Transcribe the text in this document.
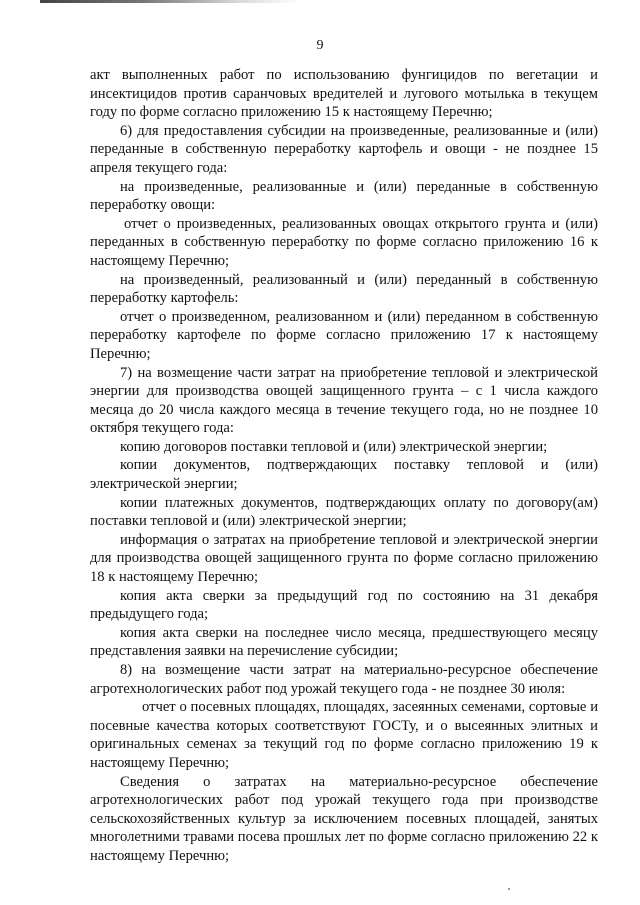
9

акт выполненных работ по использованию фунгицидов по вегетации и инсектицидов против саранчовых вредителей и лугового мотылька в текущем году по форме согласно приложению 15 к настоящему Перечню;

6) для предоставления субсидии на произведенные, реализованные и (или) переданные в собственную переработку картофель и овощи - не позднее 15 апреля текущего года:

на произведенные, реализованные и (или) переданные в собственную переработку овощи:

отчет о произведенных, реализованных овощах открытого грунта и (или) переданных в собственную переработку по форме согласно приложению 16 к настоящему Перечню;

на произведенный, реализованный и (или) переданный в собственную переработку картофель:

отчет о произведенном, реализованном и (или) переданном в собственную переработку картофеле по форме согласно приложению 17 к настоящему Перечню;

7) на возмещение части затрат на приобретение тепловой и электрической энергии для производства овощей защищенного грунта – с 1 числа каждого месяца до 20 числа каждого месяца в течение текущего года, но не позднее 10 октября текущего года:

копию договоров поставки тепловой и (или) электрической энергии;

копии документов, подтверждающих поставку тепловой и (или) электрической энергии;

копии платежных документов, подтверждающих оплату по договору(ам) поставки тепловой и (или) электрической энергии;

информация о затратах на приобретение тепловой и электрической энергии для производства овощей защищенного грунта по форме согласно приложению 18 к настоящему Перечню;

копия акта сверки за предыдущий год по состоянию на 31 декабря предыдущего года;

копия акта сверки на последнее число месяца, предшествующего месяцу представления заявки на перечисление субсидии;

8) на возмещение части затрат на материально-ресурсное обеспечение агротехнологических работ под урожай текущего года - не позднее 30 июля:

отчет о посевных площадях, площадях, засеянных семенами, сортовые и посевные качества которых соответствуют ГОСТу, и о высеянных элитных и оригинальных семенах за текущий год по форме согласно приложению 19 к настоящему Перечню;

Сведения о затратах на материально-ресурсное обеспечение агротехнологических работ под урожай текущего года при производстве сельскохозяйственных культур за исключением посевных площадей, занятых многолетними травами посева прошлых лет по форме согласно приложению 22 к настоящему Перечню;
